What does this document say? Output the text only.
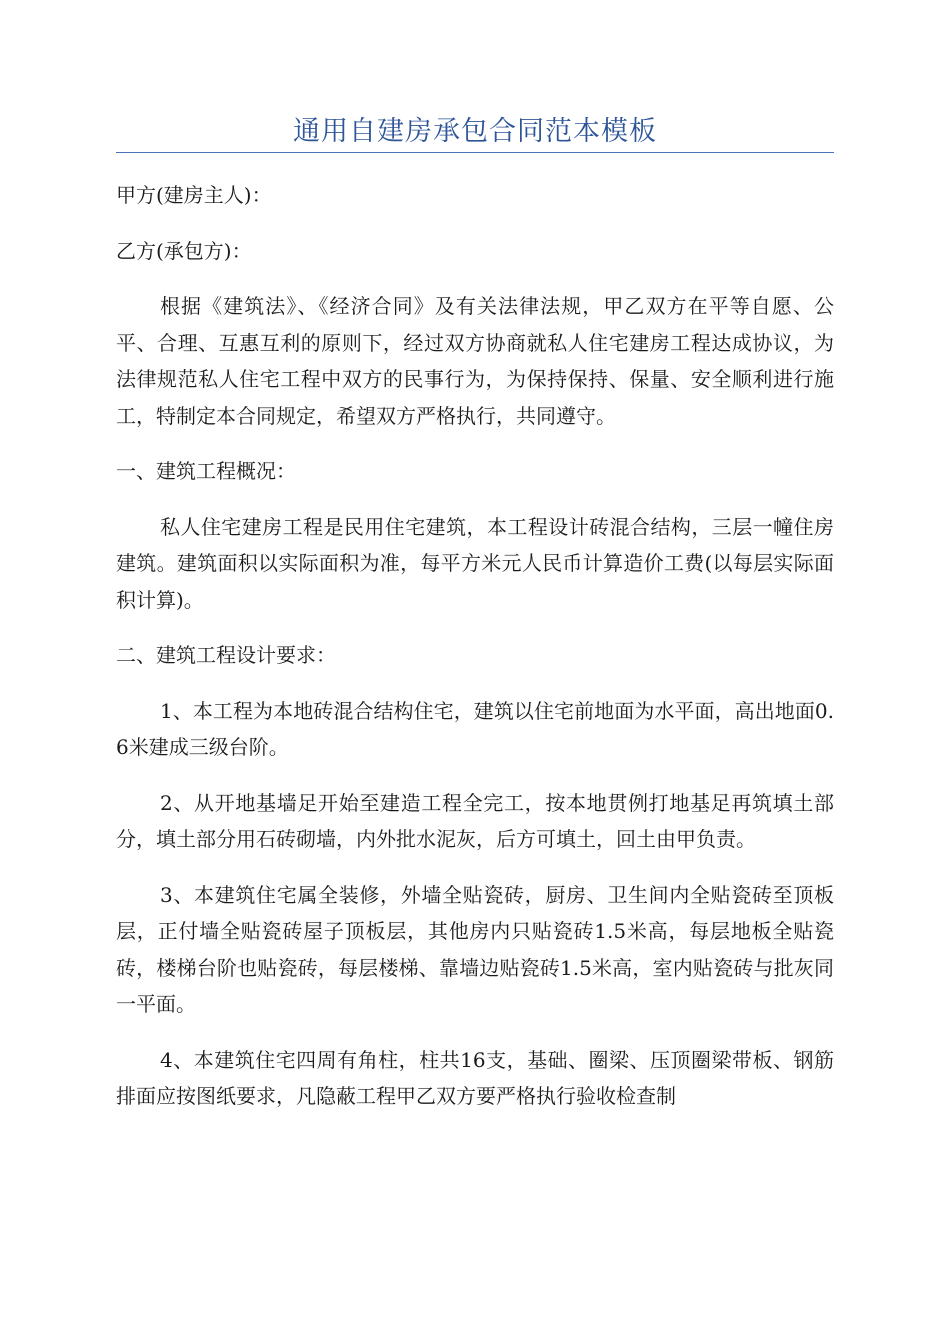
通用自建房承包合同范本模板

甲方(建房主人)：

乙方(承包方)：

根据《建筑法》、《经济合同》及有关法律法规，甲乙双方在平等自愿、公平、合理、互惠互利的原则下，经过双方协商就私人住宅建房工程达成协议，为法律规范私人住宅工程中双方的民事行为，为保持保持、保量、安全顺利进行施工，特制定本合同规定，希望双方严格执行，共同遵守。

一、建筑工程概况：

私人住宅建房工程是民用住宅建筑，本工程设计砖混合结构，三层一幢住房建筑。建筑面积以实际面积为准，每平方米元人民币计算造价工费(以每层实际面积计算)。

二、建筑工程设计要求：

1、本工程为本地砖混合结构住宅，建筑以住宅前地面为水平面，高出地面0.6米建成三级台阶。

2、从开地基墙足开始至建造工程全完工，按本地贯例打地基足再筑填土部分，填土部分用石砖砌墙，内外批水泥灰，后方可填土，回土由甲负责。

3、本建筑住宅属全装修，外墙全贴瓷砖，厨房、卫生间内全贴瓷砖至顶板层，正付墙全贴瓷砖屋子顶板层，其他房内只贴瓷砖1.5米高，每层地板全贴瓷砖，楼梯台阶也贴瓷砖，每层楼梯、靠墙边贴瓷砖1.5米高，室内贴瓷砖与批灰同一平面。

4、本建筑住宅四周有角柱，柱共16支，基础、圈梁、压顶圈梁带板、钢筋排面应按图纸要求，凡隐蔽工程甲乙双方要严格执行验收检查制
